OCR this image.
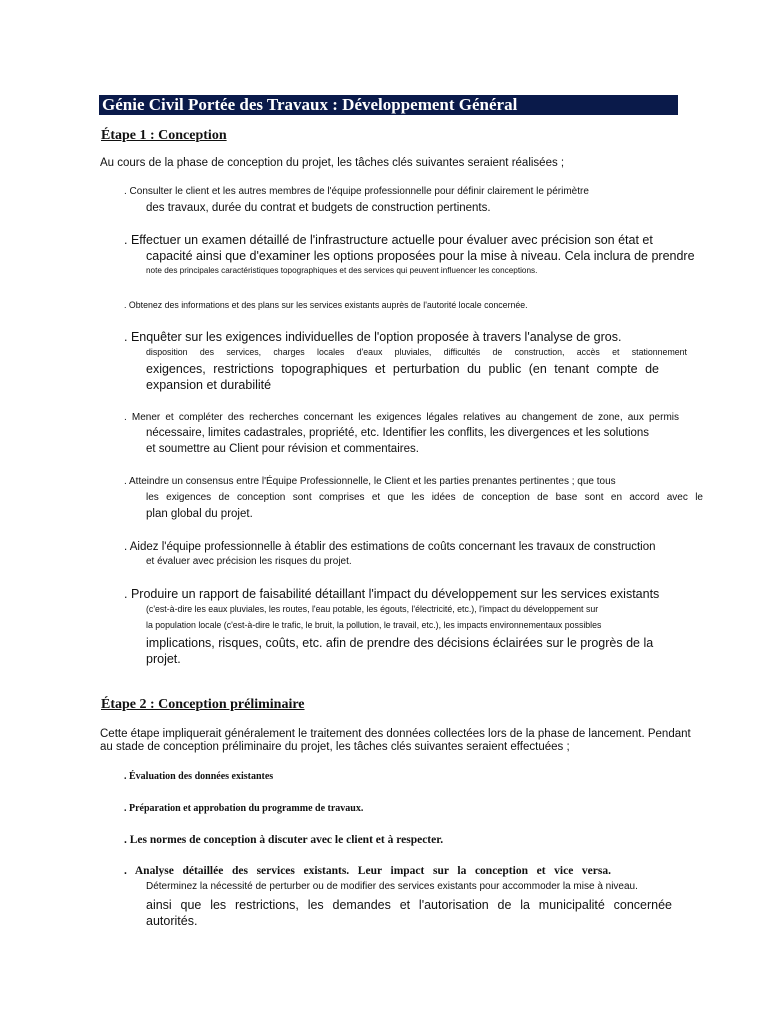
Génie Civil Portée des Travaux : Développement Général
Étape 1 : Conception
Au cours de la phase de conception du projet, les tâches clés suivantes seraient réalisées ;
. Consulter le client et les autres membres de l'équipe professionnelle pour définir clairement le périmètre
des travaux, durée du contrat et budgets de construction pertinents.
. Effectuer un examen détaillé de l'infrastructure actuelle pour évaluer avec précision son état et
capacité ainsi que d'examiner les options proposées pour la mise à niveau. Cela inclura de prendre
note des principales caractéristiques topographiques et des services qui peuvent influencer les conceptions.
. Obtenez des informations et des plans sur les services existants auprès de l'autorité locale concernée.
. Enquêter sur les exigences individuelles de l'option proposée à travers l'analyse de gros.
disposition des services, charges locales d'eaux pluviales, difficultés de construction, accès et stationnement
exigences, restrictions topographiques et perturbation du public (en tenant compte de
expansion et durabilité
. Mener et compléter des recherches concernant les exigences légales relatives au changement de zone, aux permis
nécessaire, limites cadastrales, propriété, etc. Identifier les conflits, les divergences et les solutions
et soumettre au Client pour révision et commentaires.
. Atteindre un consensus entre l'Équipe Professionnelle, le Client et les parties prenantes pertinentes ; que tous
les exigences de conception sont comprises et que les idées de conception de base sont en accord avec le
plan global du projet.
. Aidez l'équipe professionnelle à établir des estimations de coûts concernant les travaux de construction
et évaluer avec précision les risques du projet.
. Produire un rapport de faisabilité détaillant l'impact du développement sur les services existants
(c'est-à-dire les eaux pluviales, les routes, l'eau potable, les égouts, l'électricité, etc.), l'impact du développement sur
la population locale (c'est-à-dire le trafic, le bruit, la pollution, le travail, etc.), les impacts environnementaux possibles
implications, risques, coûts, etc. afin de prendre des décisions éclairées sur le progrès de la
projet.
Étape 2 : Conception préliminaire
Cette étape impliquerait généralement le traitement des données collectées lors de la phase de lancement. Pendant
au stade de conception préliminaire du projet, les tâches clés suivantes seraient effectuées ;
. Évaluation des données existantes
. Préparation et approbation du programme de travaux.
. Les normes de conception à discuter avec le client et à respecter.
. Analyse détaillée des services existants. Leur impact sur la conception et vice versa.
Déterminez la nécessité de perturber ou de modifier des services existants pour accommoder la mise à niveau.
ainsi que les restrictions, les demandes et l'autorisation de la municipalité concernée
autorités.
